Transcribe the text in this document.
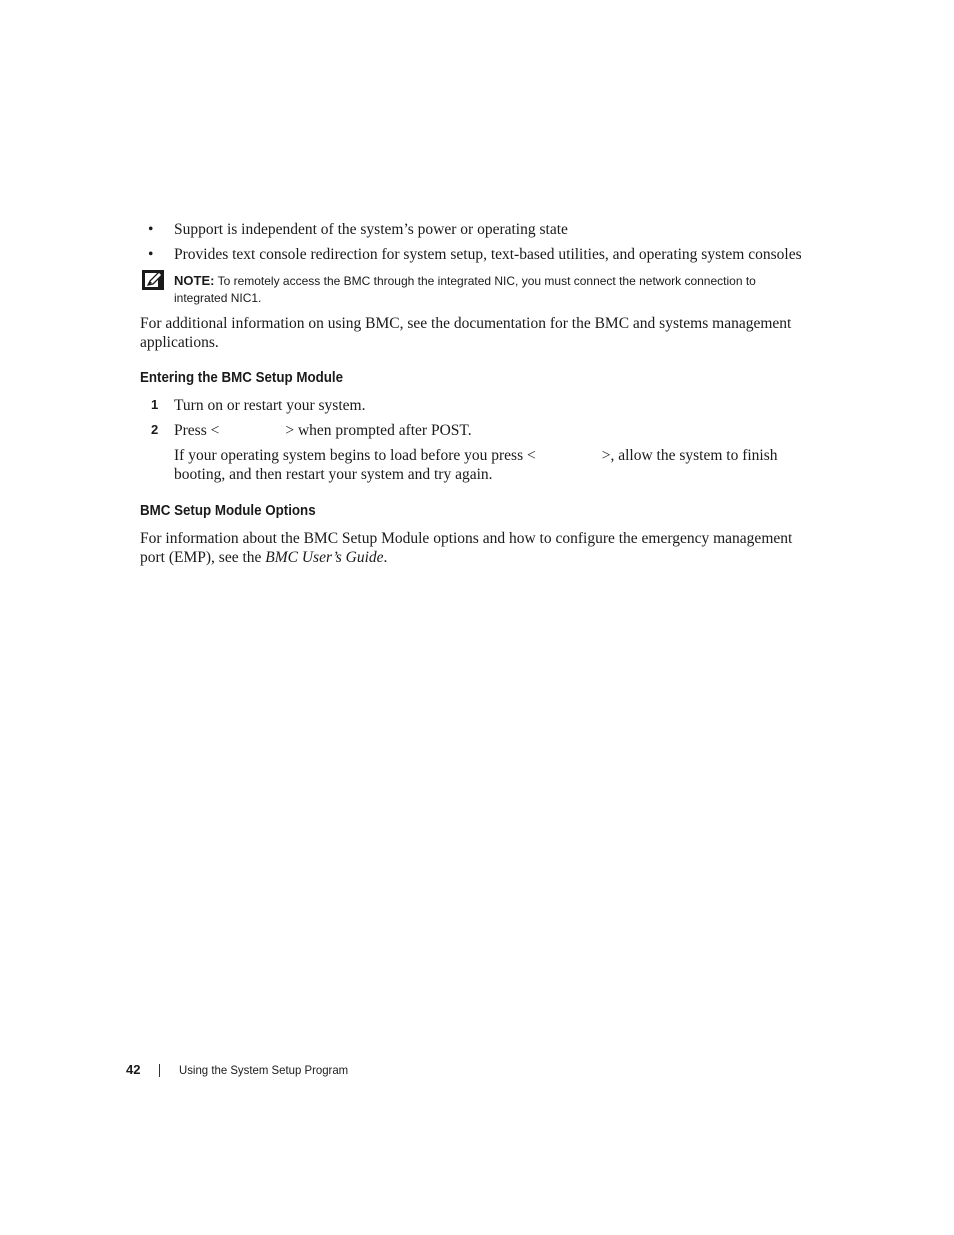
• Support is independent of the system’s power or operating state
• Provides text console redirection for system setup, text-based utilities, and operating system consoles
NOTE: To remotely access the BMC through the integrated NIC, you must connect the network connection to
integrated NIC1.
For additional information on using BMC, see the documentation for the BMC and systems management
applications.
Entering the BMC Setup Module
1 Turn on or restart your system.
2 Press <	> when prompted after POST.
If your operating system begins to load before you press <	>, allow the system to finish
booting, and then restart your system and try again.
BMC Setup Module Options
For information about the BMC Setup Module options and how to configure the emergency management
port (EMP), see the BMC User’s Guide.
42	Using the System Setup Program
